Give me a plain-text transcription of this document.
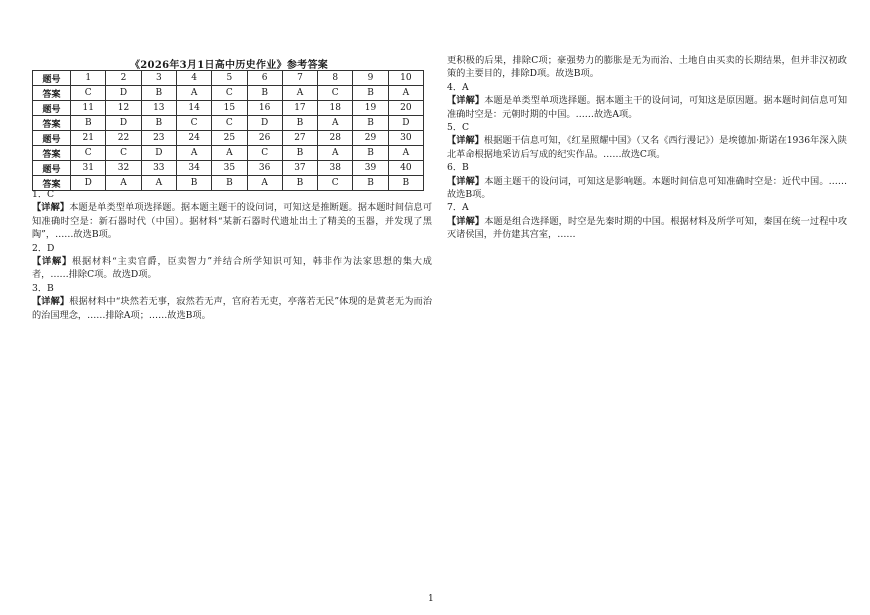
《2026年3月1日高中历史作业》参考答案
题号	1	2	3	4	5	6	7	8	9	10
答案	C	D	B	A	C	B	A	C	B	A
题号	11	12	13	14	15	16	17	18	19	20
答案	B	D	B	C	C	D	B	A	B	D
题号	21	22	23	24	25	26	27	28	29	30
答案	C	C	D	A	A	C	B	A	B	A
题号	31	32	33	34	35	36	37	38	39	40
答案	D	A	A	B	B	A	B	C	B	B

1．C

【详解】本题是单类型单项选择题。据本题主题干的设问词，可知这是推断题。据本题时间信息可知准确时空是：新石器时代（中国）。据材料“某新石器时代遗址出土了精美的玉器，并发现了黑陶”，……故选B项。

2．D

【详解】根据材料“主卖官爵，臣卖智力”并结合所学知识可知，韩非作为法家思想的集大成者，……排除C项。故选D项。

3．B

【详解】根据材料中“块然若无事，寂然若无声，官府若无吏，亭落若无民”体现的是黄老无为而治的治国理念，……排除A项；……故选B项。

更积极的后果，排除C项；豪强势力的膨胀是无为而治、土地自由买卖的长期结果，但并非汉初政策的主要目的，排除D项。故选B项。

4．A

【详解】本题是单类型单项选择题。据本题主干的设问词，可知这是原因题。据本题时间信息可知准确时空是：元朝时期的中国。……故选A项。

5．C

【详解】根据题干信息可知，《红星照耀中国》（又名《西行漫记》）是埃德加·斯诺在1936年深入陕北革命根据地采访后写成的纪实作品。……故选C项。

6．B

【详解】本题主题干的设问词，可知这是影响题。本题时间信息可知准确时空是：近代中国。……故选B项。

7．A

【详解】本题是组合选择题，时空是先秦时期的中国。根据材料及所学可知，秦国在统一过程中攻灭诸侯国，并仿建其宫室，……

1
